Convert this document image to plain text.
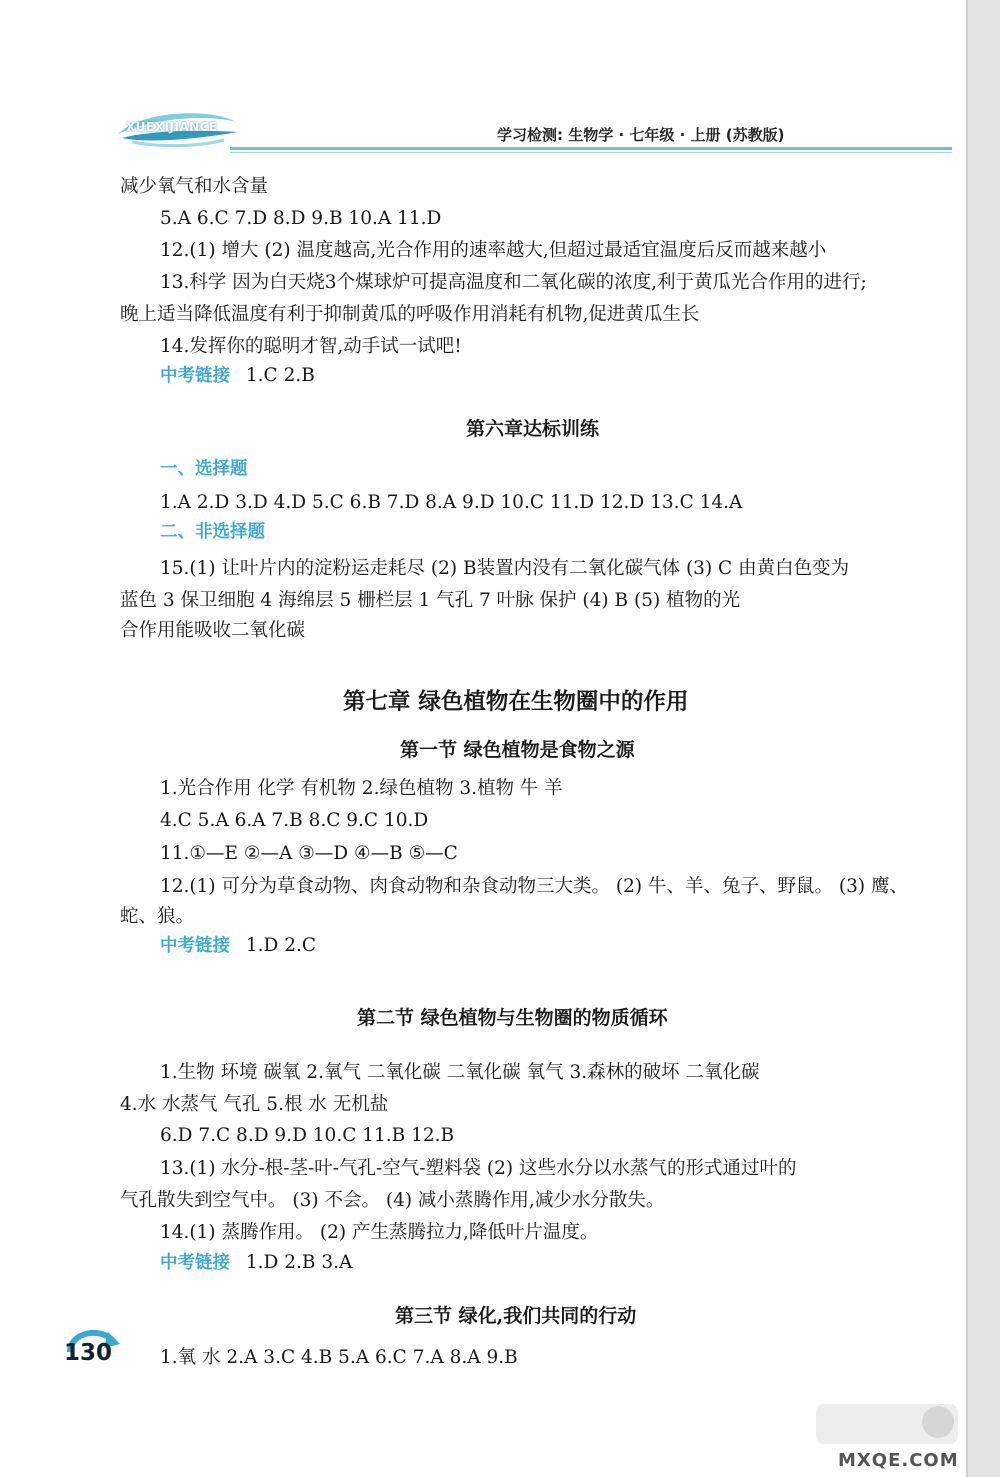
XUEXIJIANCE	学习检测: 生物学 · 七年级 · 上册 (苏教版)
减少氧气和水含量
5.A 6.C 7.D 8.D 9.B 10.A 11.D
12.(1) 增大 (2) 温度越高,光合作用的速率越大,但超过最适宜温度后反而越来越小
13.科学 因为白天烧3个煤球炉可提高温度和二氧化碳的浓度,利于黄瓜光合作用的进行;
晚上适当降低温度有利于抑制黄瓜的呼吸作用消耗有机物,促进黄瓜生长
14.发挥你的聪明才智,动手试一试吧!
中考链接 1.C 2.B
第六章达标训练
一、选择题
1.A 2.D 3.D 4.D 5.C 6.B 7.D 8.A 9.D 10.C 11.D 12.D 13.C 14.A
二、非选择题
15.(1) 让叶片内的淀粉运走耗尽 (2) B装置内没有二氧化碳气体 (3) C 由黄白色变为
蓝色 3 保卫细胞 4 海绵层 5 栅栏层 1 气孔 7 叶脉 保护 (4) B (5) 植物的光
合作用能吸收二氧化碳
第七章 绿色植物在生物圈中的作用
第一节 绿色植物是食物之源
1.光合作用 化学 有机物 2.绿色植物 3.植物 牛 羊
4.C 5.A 6.A 7.B 8.C 9.C 10.D
11.①—E ②—A ③—D ④—B ⑤—C
12.(1) 可分为草食动物、肉食动物和杂食动物三大类。 (2) 牛、羊、兔子、野鼠。 (3) 鹰、
蛇、狼。
中考链接 1.D 2.C
第二节 绿色植物与生物圈的物质循环
1.生物 环境 碳氧 2.氧气 二氧化碳 二氧化碳 氧气 3.森林的破坏 二氧化碳
4.水 水蒸气 气孔 5.根 水 无机盐
6.D 7.C 8.D 9.D 10.C 11.B 12.B
13.(1) 水分-根-茎-叶-气孔-空气-塑料袋 (2) 这些水分以水蒸气的形式通过叶的
气孔散失到空气中。 (3) 不会。 (4) 减小蒸腾作用,减少水分散失。
14.(1) 蒸腾作用。 (2) 产生蒸腾拉力,降低叶片温度。
中考链接 1.D 2.B 3.A
第三节 绿化,我们共同的行动
1.氧 水 2.A 3.C 4.B 5.A 6.C 7.A 8.A 9.B
130
MXQE.COM
